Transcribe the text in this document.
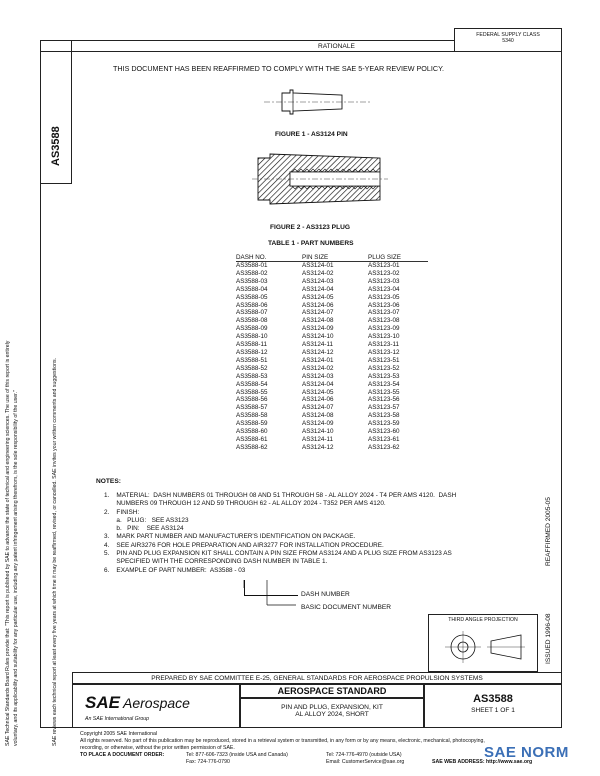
AS3588
SAE Technical Standards Board Rules provide that: "This report is published by SAE to advance the state of technical and engineering sciences. The use of this report is entirely voluntary, and its applicability and suitability for any particular use, including any patent infringement arising therefrom, is the sole responsibility of the user."	SAE reviews each technical report at least every five years at which time it may be reaffirmed, revised, or cancelled. SAE invites your written comments and suggestions.	REAFFIRMED 2005-05
ISSUED 1996-08
RATIONALE
FEDERAL SUPPLY CLASS
5340
THIS DOCUMENT HAS BEEN REAFFIRMED TO COMPLY WITH THE SAE 5-YEAR REVIEW POLICY.
FIGURE 1 - AS3124 PIN
FIGURE 2 - AS3123 PLUG
TABLE 1 - PART NUMBERS
DASH NO.	PIN SIZE	PLUG SIZE
AS3588-01	AS3124-01	AS3123-01
AS3588-02	AS3124-02	AS3123-02
AS3588-03	AS3124-03	AS3123-03
AS3588-04	AS3124-04	AS3123-04
AS3588-05	AS3124-05	AS3123-05
AS3588-06	AS3124-06	AS3123-06
AS3588-07	AS3124-07	AS3123-07
AS3588-08	AS3124-08	AS3123-08
AS3588-09	AS3124-09	AS3123-09
AS3588-10	AS3124-10	AS3123-10
AS3588-11	AS3124-11	AS3123-11
AS3588-12	AS3124-12	AS3123-12
AS3588-51	AS3124-01	AS3123-51
AS3588-52	AS3124-02	AS3123-52
AS3588-53	AS3124-03	AS3123-53
AS3588-54	AS3124-04	AS3123-54
AS3588-55	AS3124-05	AS3123-55
AS3588-56	AS3124-06	AS3123-56
AS3588-57	AS3124-07	AS3123-57
AS3588-58	AS3124-08	AS3123-58
AS3588-59	AS3124-09	AS3123-59
AS3588-60	AS3124-10	AS3123-60
AS3588-61	AS3124-11	AS3123-61
AS3588-62	AS3124-12	AS3123-62
NOTES:
1.    MATERIAL:  DASH NUMBERS 01 THROUGH 08 AND 51 THROUGH 58 - AL ALLOY 2024 - T4 PER AMS 4120.  DASH
NUMBERS 09 THROUGH 12 AND 59 THROUGH 62 - AL ALLOY 2024 - T352 PER AMS 4120.
2.    FINISH:
a.   PLUG:   SEE AS3123
b.   PIN:    SEE AS3124
3.    MARK PART NUMBER AND MANUFACTURER'S IDENTIFICATION ON PACKAGE.
4.    SEE AIR3276 FOR HOLE PREPARATION AND AIR3277 FOR INSTALLATION PROCEDURE.
5.    PIN AND PLUG EXPANSION KIT SHALL CONTAIN A PIN SIZE FROM AS3124 AND A PLUG SIZE FROM AS3123 AS
SPECIFIED WITH THE CORRESPONDING DASH NUMBER IN TABLE 1.
6.    EXAMPLE OF PART NUMBER:  AS3588 - 03
DASH NUMBER
BASIC DOCUMENT NUMBER
THIRD ANGLE PROJECTION
PREPARED BY SAE COMMITTEE E-25, GENERAL STANDARDS FOR AEROSPACE PROPULSION SYSTEMS
SAE Aerospace
An SAE International Group
AEROSPACE STANDARD
PIN AND PLUG, EXPANSION, KIT
AL ALLOY 2024, SHORT
AS3588
SHEET 1 OF 1
Copyright 2005 SAE International
All rights reserved. No part of this publication may be reproduced, stored in a retrieval system or transmitted, in any form or by any means, electronic, mechanical, photocopying,
recording, or otherwise, without the prior written permission of SAE.
TO PLACE A DOCUMENT ORDER:	Tel: 877-606-7323 (inside USA and Canada)	Tel: 724-776-4970 (outside USA)
Fax: 724-776-0790	Email: CustomerService@sae.org	SAE WEB ADDRESS: http://www.sae.org
SAE NORM
